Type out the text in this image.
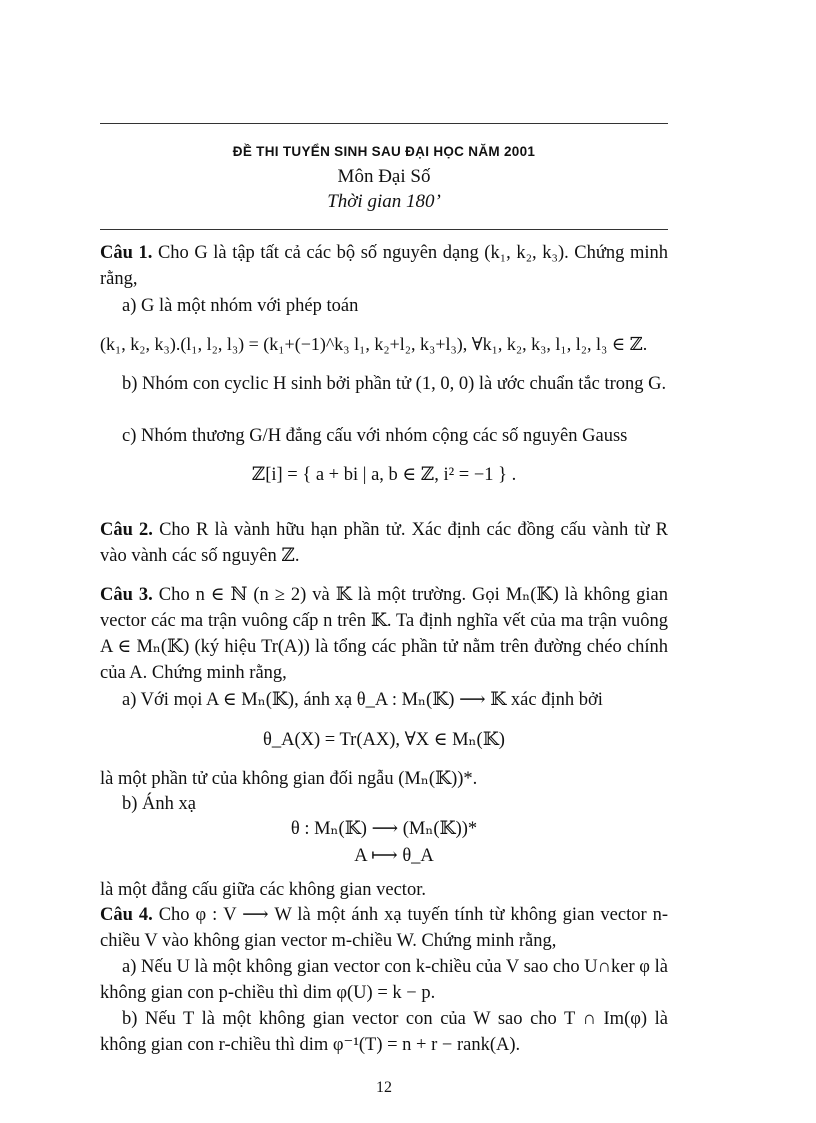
ĐỀ THI TUYỂN SINH SAU ĐẠI HỌC NĂM 2001
Môn Đại Số
Thời gian 180’
Câu 1. Cho G là tập tất cả các bộ số nguyên dạng (k₁, k₂, k₃). Chứng minh rằng,
a) G là một nhóm với phép toán
(k₁, k₂, k₃).(l₁, l₂, l₃) = (k₁+(−1)^k₃ l₁, k₂+l₂, k₃+l₃), ∀k₁, k₂, k₃, l₁, l₂, l₃ ∈ ℤ.
b) Nhóm con cyclic H sinh bởi phần tử (1, 0, 0) là ước chuẩn tắc trong G.
c) Nhóm thương G/H đẳng cấu với nhóm cộng các số nguyên Gauss
ℤ[i] = { a + bi | a, b ∈ ℤ, i² = −1 } .
Câu 2. Cho R là vành hữu hạn phần tử. Xác định các đồng cấu vành từ R vào vành các số nguyên ℤ.
Câu 3. Cho n ∈ ℕ (n ≥ 2) và 𝕂 là một trường. Gọi Mₙ(𝕂) là không gian vector các ma trận vuông cấp n trên 𝕂. Ta định nghĩa vết của ma trận vuông A ∈ Mₙ(𝕂) (ký hiệu Tr(A)) là tổng các phần tử nằm trên đường chéo chính của A. Chứng minh rằng,
a) Với mọi A ∈ Mₙ(𝕂), ánh xạ θ_A : Mₙ(𝕂) ⟶ 𝕂 xác định bởi
θ_A(X) = Tr(AX), ∀X ∈ Mₙ(𝕂)
là một phần tử của không gian đối ngẫu (Mₙ(𝕂))*.
b) Ánh xạ
θ : Mₙ(𝕂) ⟶ (Mₙ(𝕂))*
A ⟼ θ_A
là một đẳng cấu giữa các không gian vector.
Câu 4. Cho φ : V ⟶ W là một ánh xạ tuyến tính từ không gian vector n-chiều V vào không gian vector m-chiều W. Chứng minh rằng,
a) Nếu U là một không gian vector con k-chiều của V sao cho U∩ker φ là không gian con p-chiều thì dim φ(U) = k − p.
b) Nếu T là một không gian vector con của W sao cho T ∩ Im(φ) là không gian con r-chiều thì dim φ⁻¹(T) = n + r − rank(A).
12
